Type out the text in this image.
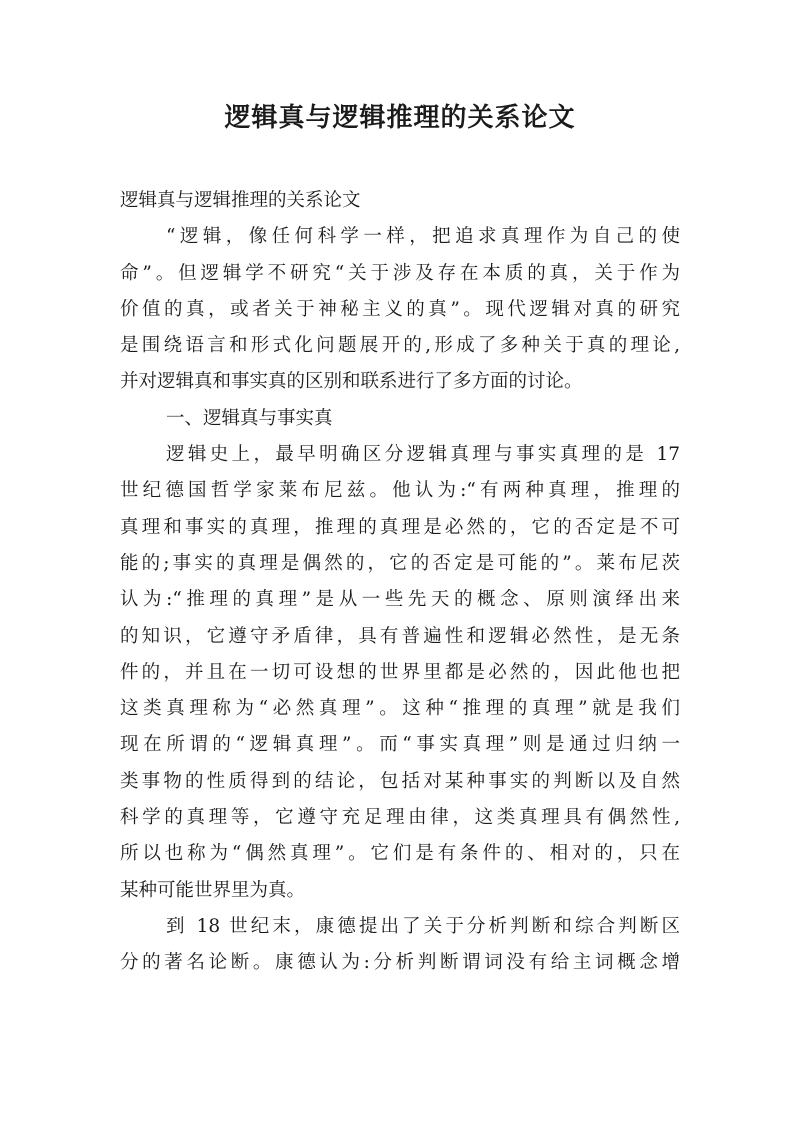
逻辑真与逻辑推理的关系论文
逻辑真与逻辑推理的关系论文
“逻辑，像任何科学一样，把追求真理作为自己的使
命”。但逻辑学不研究“关于涉及存在本质的真，关于作为
价值的真，或者关于神秘主义的真”。现代逻辑对真的研究
是围绕语言和形式化问题展开的,形成了多种关于真的理论,
并对逻辑真和事实真的区别和联系进行了多方面的讨论。
一、逻辑真与事实真
逻辑史上，最早明确区分逻辑真理与事实真理的是 17
世纪德国哲学家莱布尼兹。他认为:“有两种真理，推理的
真理和事实的真理，推理的真理是必然的，它的否定是不可
能的;事实的真理是偶然的，它的否定是可能的”。莱布尼茨
认为:“推理的真理”是从一些先天的概念、原则演绎出来
的知识，它遵守矛盾律，具有普遍性和逻辑必然性，是无条
件的，并且在一切可设想的世界里都是必然的，因此他也把
这类真理称为“必然真理”。这种“推理的真理”就是我们
现在所谓的“逻辑真理”。而“事实真理”则是通过归纳一
类事物的性质得到的结论，包括对某种事实的判断以及自然
科学的真理等，它遵守充足理由律，这类真理具有偶然性,
所以也称为“偶然真理”。它们是有条件的、相对的，只在
某种可能世界里为真。
到 18 世纪末，康德提出了关于分析判断和综合判断区
分的著名论断。康德认为:分析判断谓词没有给主词概念增
